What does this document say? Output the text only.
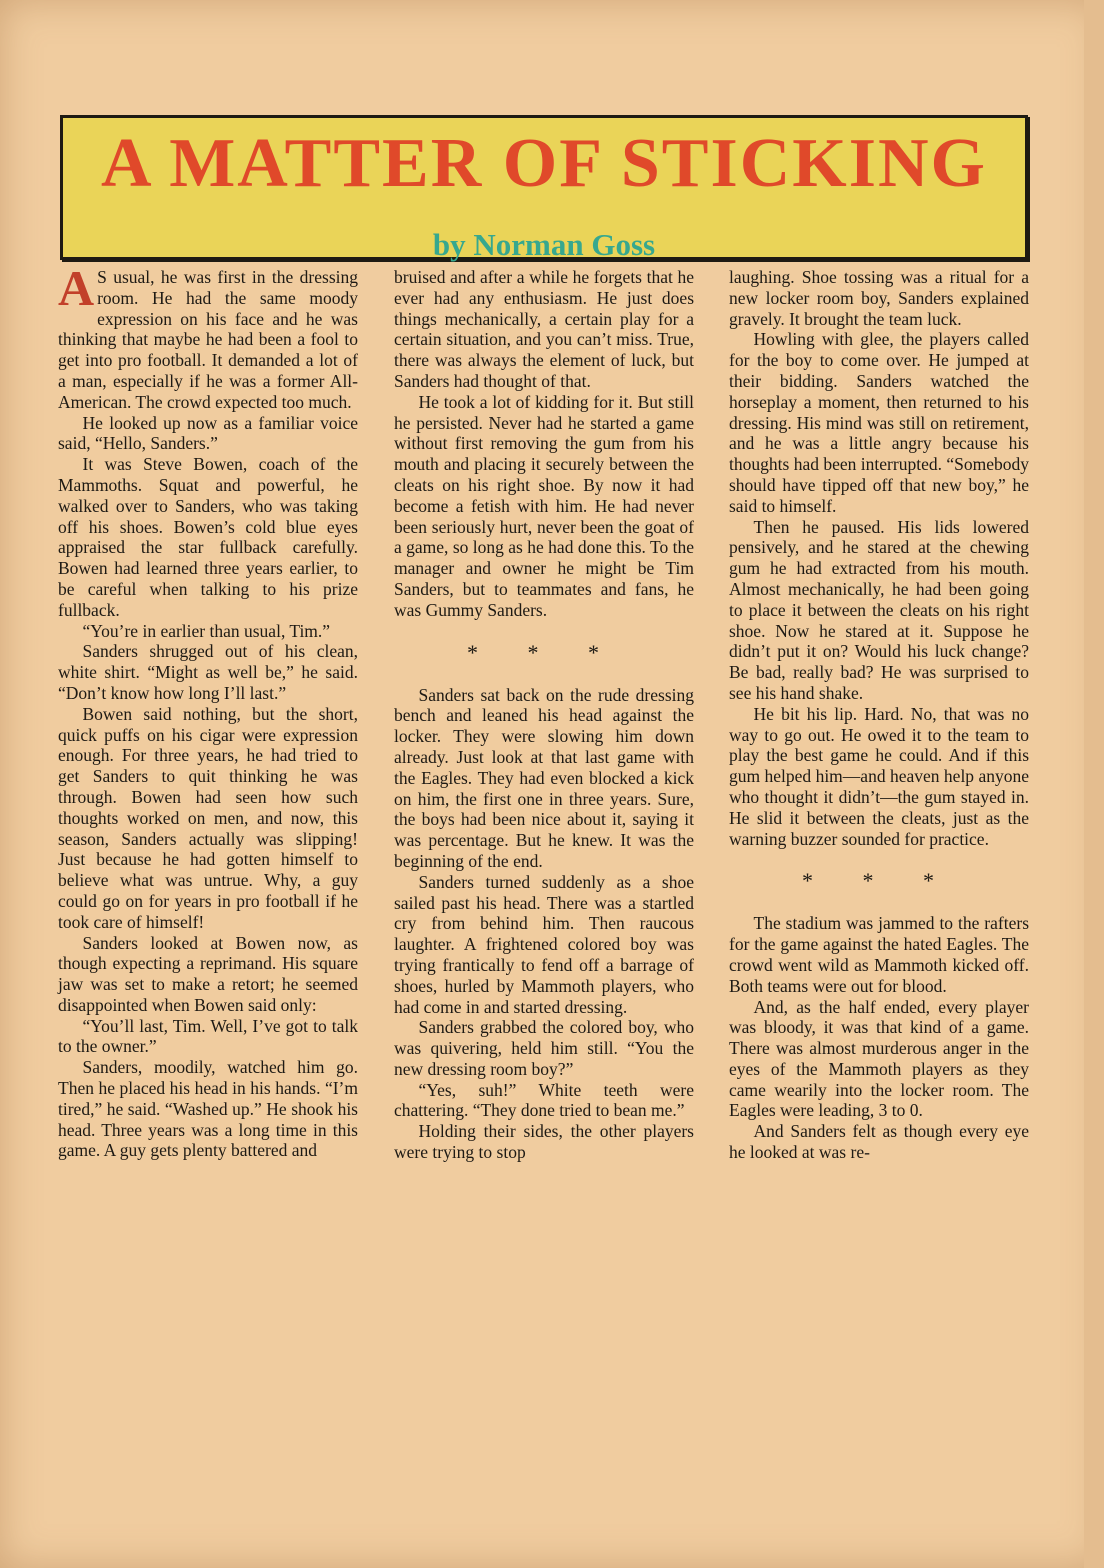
A MATTER OF STICKING
by Norman Goss

A S usual, he was first in the dressing room. He had the same moody expression on his face and he was thinking that maybe he had been a fool to get into pro football. It demanded a lot of a man, especially if he was a former All-American. The crowd expected too much.

He looked up now as a familiar voice said, “Hello, Sanders.”

It was Steve Bowen, coach of the Mammoths. Squat and powerful, he walked over to Sanders, who was taking off his shoes. Bowen’s cold blue eyes appraised the star fullback carefully. Bowen had learned three years earlier, to be careful when talking to his prize fullback.

“You’re in earlier than usual, Tim.”

Sanders shrugged out of his clean, white shirt. “Might as well be,” he said. “Don’t know how long I’ll last.”

Bowen said nothing, but the short, quick puffs on his cigar were expression enough. For three years, he had tried to get Sanders to quit thinking he was through. Bowen had seen how such thoughts worked on men, and now, this season, Sanders actually was slipping! Just because he had gotten himself to believe what was untrue. Why, a guy could go on for years in pro football if he took care of himself!

Sanders looked at Bowen now, as though expecting a reprimand. His square jaw was set to make a retort; he seemed disappointed when Bowen said only:

“You’ll last, Tim. Well, I’ve got to talk to the owner.”

Sanders, moodily, watched him go. Then he placed his head in his hands. “I’m tired,” he said. “Washed up.” He shook his head. Three years was a long time in this game. A guy gets plenty battered and

bruised and after a while he forgets that he ever had any enthusiasm. He just does things mechanically, a certain play for a certain situation, and you can’t miss. True, there was always the element of luck, but Sanders had thought of that.

He took a lot of kidding for it. But still he persisted. Never had he started a game without first removing the gum from his mouth and placing it securely between the cleats on his right shoe. By now it had become a fetish with him. He had never been seriously hurt, never been the goat of a game, so long as he had done this. To the manager and owner he might be Tim Sanders, but to teammates and fans, he was Gummy Sanders.

* * *

Sanders sat back on the rude dressing bench and leaned his head against the locker. They were slowing him down already. Just look at that last game with the Eagles. They had even blocked a kick on him, the first one in three years. Sure, the boys had been nice about it, saying it was percentage. But he knew. It was the beginning of the end.

Sanders turned suddenly as a shoe sailed past his head. There was a startled cry from behind him. Then raucous laughter. A frightened colored boy was trying frantically to fend off a barrage of shoes, hurled by Mammoth players, who had come in and started dressing.

Sanders grabbed the colored boy, who was quivering, held him still. “You the new dressing room boy?”

“Yes, suh!” White teeth were chattering. “They done tried to bean me.”

Holding their sides, the other players were trying to stop

laughing. Shoe tossing was a ritual for a new locker room boy, Sanders explained gravely. It brought the team luck.

Howling with glee, the players called for the boy to come over. He jumped at their bidding. Sanders watched the horseplay a moment, then returned to his dressing. His mind was still on retirement, and he was a little angry because his thoughts had been interrupted. “Somebody should have tipped off that new boy,” he said to himself.

Then he paused. His lids lowered pensively, and he stared at the chewing gum he had extracted from his mouth. Almost mechanically, he had been going to place it between the cleats on his right shoe. Now he stared at it. Suppose he didn’t put it on? Would his luck change? Be bad, really bad? He was surprised to see his hand shake.

He bit his lip. Hard. No, that was no way to go out. He owed it to the team to play the best game he could. And if this gum helped him—and heaven help anyone who thought it didn’t—the gum stayed in. He slid it between the cleats, just as the warning buzzer sounded for practice.

* * *

The stadium was jammed to the rafters for the game against the hated Eagles. The crowd went wild as Mammoth kicked off. Both teams were out for blood.

And, as the half ended, every player was bloody, it was that kind of a game. There was almost murderous anger in the eyes of the Mammoth players as they came wearily into the locker room. The Eagles were leading, 3 to 0.

And Sanders felt as though every eye he looked at was re-
